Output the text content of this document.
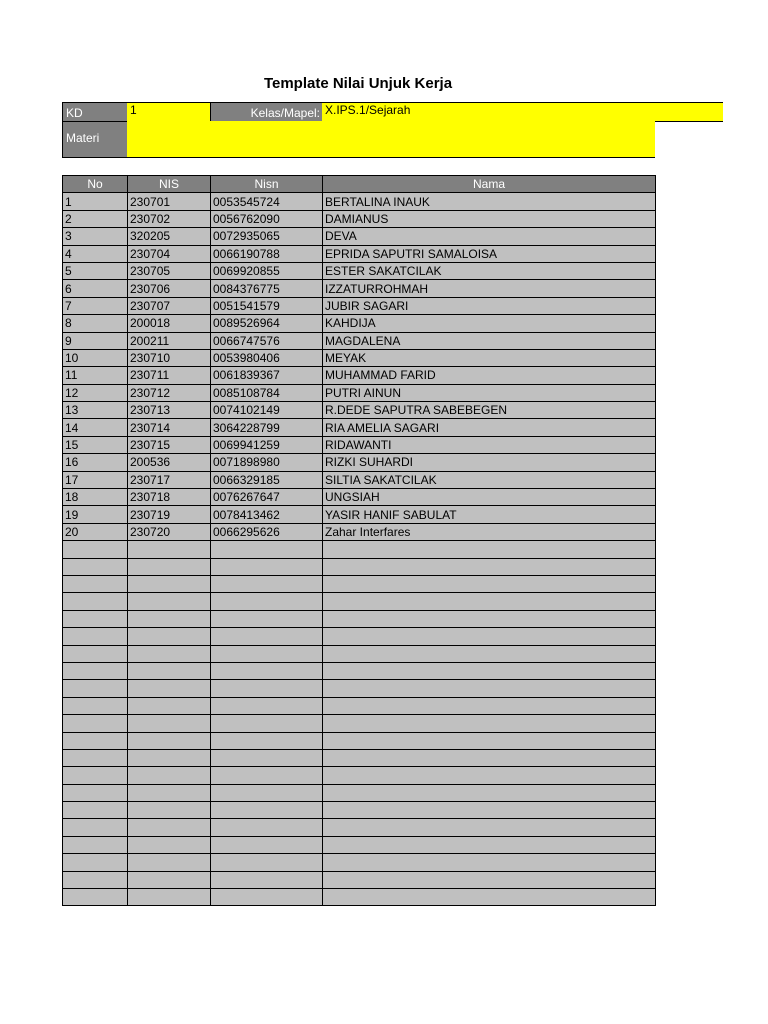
Template Nilai Unjuk Kerja
KD	1	Kelas/Mapel: X.IPS.1/Sejarah
Materi
No	NIS	Nisn	Nama
1	230701	0053545724	BERTALINA INAUK
2	230702	0056762090	DAMIANUS
3	320205	0072935065	DEVA
4	230704	0066190788	EPRIDA SAPUTRI SAMALOISA
5	230705	0069920855	ESTER SAKATCILAK
6	230706	0084376775	IZZATURROHMAH
7	230707	0051541579	JUBIR SAGARI
8	200018	0089526964	KAHDIJA
9	200211	0066747576	MAGDALENA
10	230710	0053980406	MEYAK
11	230711	0061839367	MUHAMMAD FARID
12	230712	0085108784	PUTRI AINUN
13	230713	0074102149	R.DEDE SAPUTRA SABEBEGEN
14	230714	3064228799	RIA AMELIA SAGARI
15	230715	0069941259	RIDAWANTI
16	200536	0071898980	RIZKI SUHARDI
17	230717	0066329185	SILTIA SAKATCILAK
18	230718	0076267647	UNGSIAH
19	230719	0078413462	YASIR HANIF SABULAT
20	230720	0066295626	Zahar Interfares
